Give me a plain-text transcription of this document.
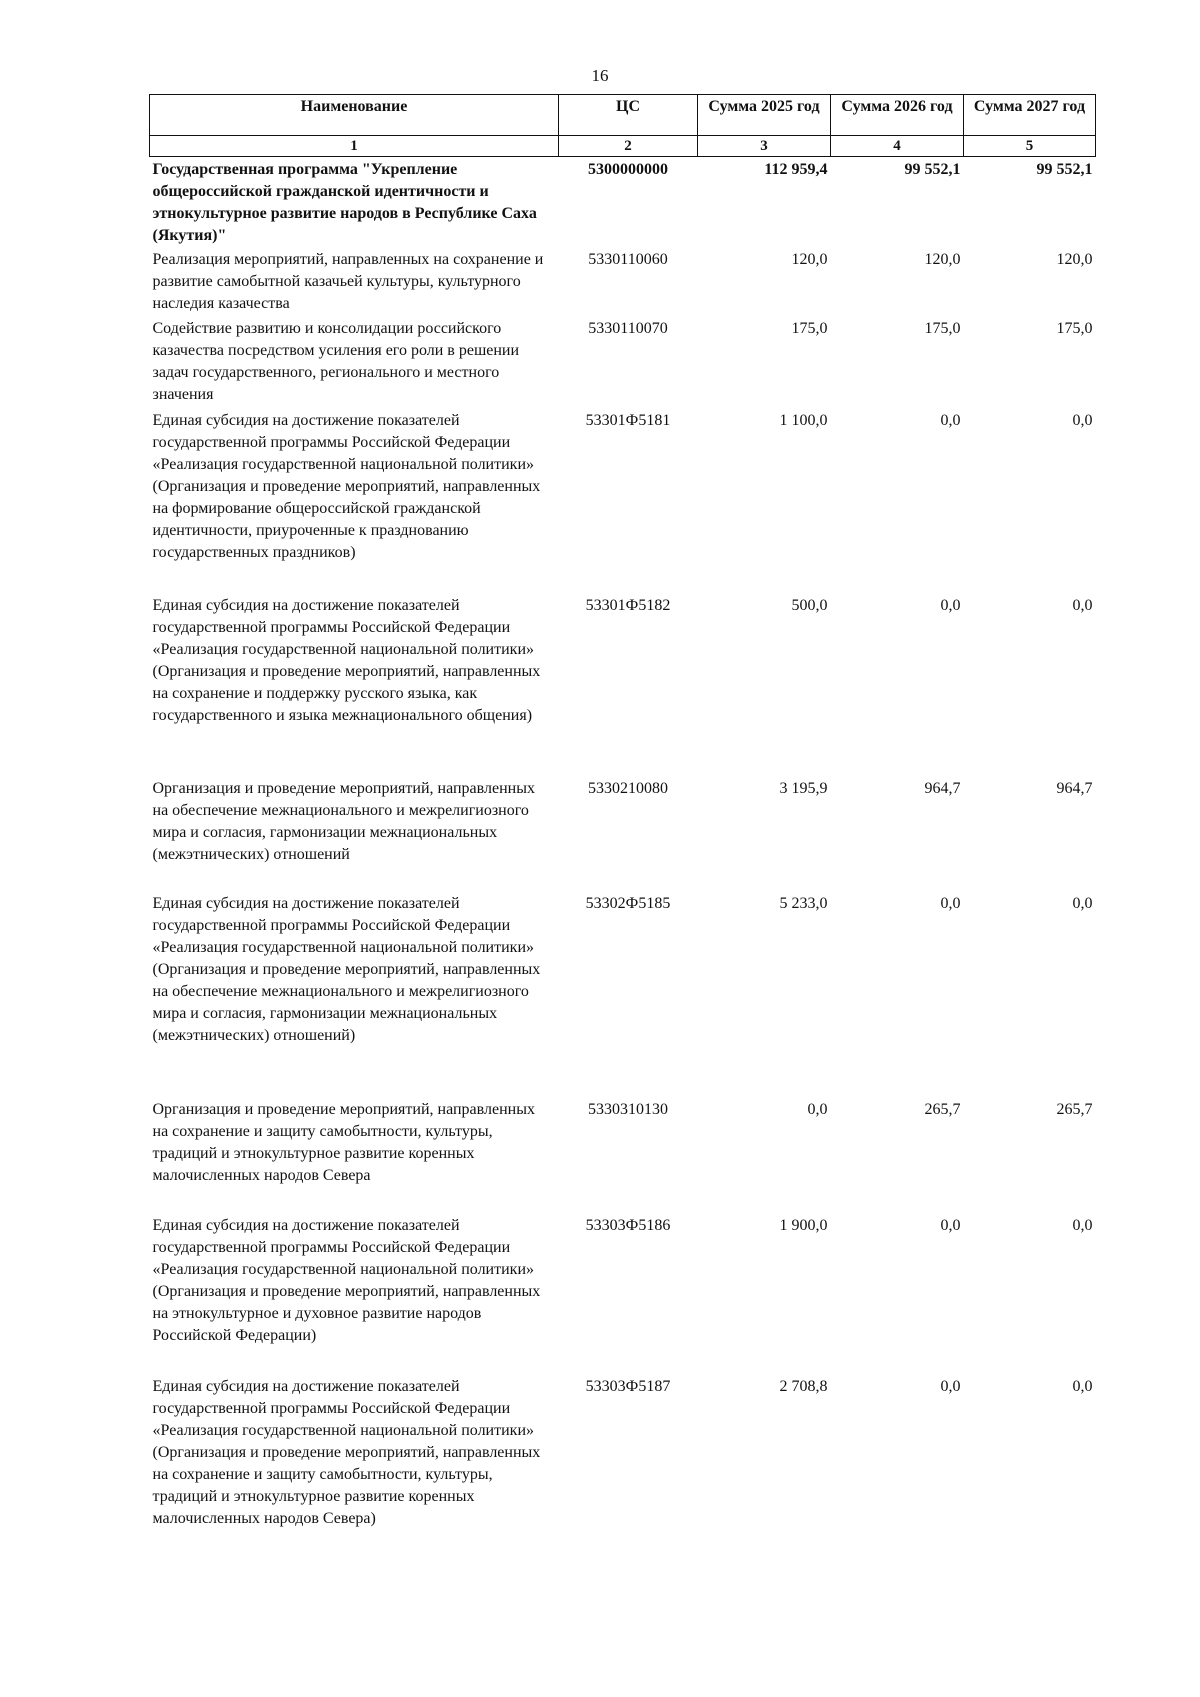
16
Наименование	ЦС	Сумма 2025 год	Сумма 2026 год	Сумма 2027 год
1	2	3	4	5
Государственная программа "Укрепление общероссийской гражданской идентичности и этнокультурное развитие народов в Республике Саха (Якутия)"	5300000000	112 959,4	99 552,1	99 552,1
Реализация мероприятий, направленных на сохранение и развитие самобытной казачьей культуры, культурного наследия казачества	5330110060	120,0	120,0	120,0
Содействие развитию и консолидации российского казачества посредством усиления его роли в решении задач государственного, регионального и местного значения	5330110070	175,0	175,0	175,0
Единая субсидия на достижение показателей государственной программы Российской Федерации «Реализация государственной национальной политики» (Организация и проведение мероприятий, направленных на формирование общероссийской гражданской идентичности, приуроченные к празднованию государственных праздников)	53301Ф5181	1 100,0	0,0	0,0
Единая субсидия на достижение показателей государственной программы Российской Федерации «Реализация государственной национальной политики» (Организация и проведение мероприятий, направленных на сохранение и поддержку русского языка, как государственного и языка межнационального общения)	53301Ф5182	500,0	0,0	0,0
Организация и проведение мероприятий, направленных на обеспечение межнационального и межрелигиозного мира и согласия, гармонизации межнациональных (межэтнических) отношений	5330210080	3 195,9	964,7	964,7
Единая субсидия на достижение показателей государственной программы Российской Федерации «Реализация государственной национальной политики» (Организация и проведение мероприятий, направленных на обеспечение межнационального и межрелигиозного мира и согласия, гармонизации межнациональных (межэтнических) отношений)	53302Ф5185	5 233,0	0,0	0,0
Организация и проведение мероприятий, направленных на сохранение и защиту самобытности, культуры, традиций и этнокультурное развитие коренных малочисленных народов Севера	5330310130	0,0	265,7	265,7
Единая субсидия на достижение показателей государственной программы Российской Федерации «Реализация государственной национальной политики» (Организация и проведение мероприятий, направленных на этнокультурное и духовное развитие народов Российской Федерации)	53303Ф5186	1 900,0	0,0	0,0
Единая субсидия на достижение показателей государственной программы Российской Федерации «Реализация государственной национальной политики» (Организация и проведение мероприятий, направленных на сохранение и защиту самобытности, культуры, традиций и этнокультурное развитие коренных малочисленных народов Севера)	53303Ф5187	2 708,8	0,0	0,0
